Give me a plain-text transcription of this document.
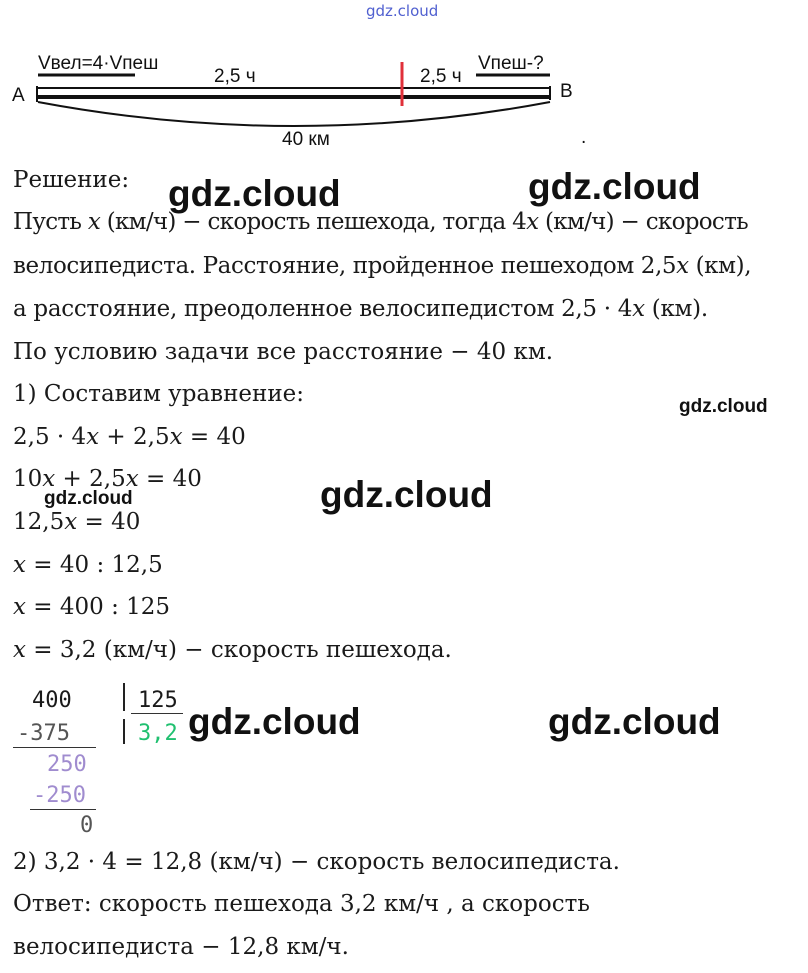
gdz.cloud
A	B
Vвел=4·Vпеш	Vпеш-?
2,5 ч	2,5 ч
40 км	.
Решение:
Пусть 𝑥 (км/ч) − скорость пешехода, тогда 4𝑥 (км/ч) − скорость
велосипедиста. Расстояние, пройденное пешеходом 2,5𝑥 (км),
а расстояние, преодоленное велосипедистом 2,5 · 4𝑥 (км).
По условию задачи все расстояние − 40 км.
1) Составим уравнение:
2,5 · 4𝑥 + 2,5𝑥 = 40
10𝑥 + 2,5𝑥 = 40
12,5𝑥 = 40
𝑥 = 40 : 12,5
𝑥 = 400 : 125
𝑥 = 3,2 (км/ч) − скорость пешехода.
400	125
-375	3,2
250
-250
0
2) 3,2 · 4 = 12,8 (км/ч) − скорость велосипедиста.
Ответ: скорость пешехода 3,2 км/ч , а скорость
велосипедиста − 12,8 км/ч.
gdz.cloud	gdz.cloud
gdz.cloud
gdz.cloud	gdz.cloud
gdz.cloud	gdz.cloud
